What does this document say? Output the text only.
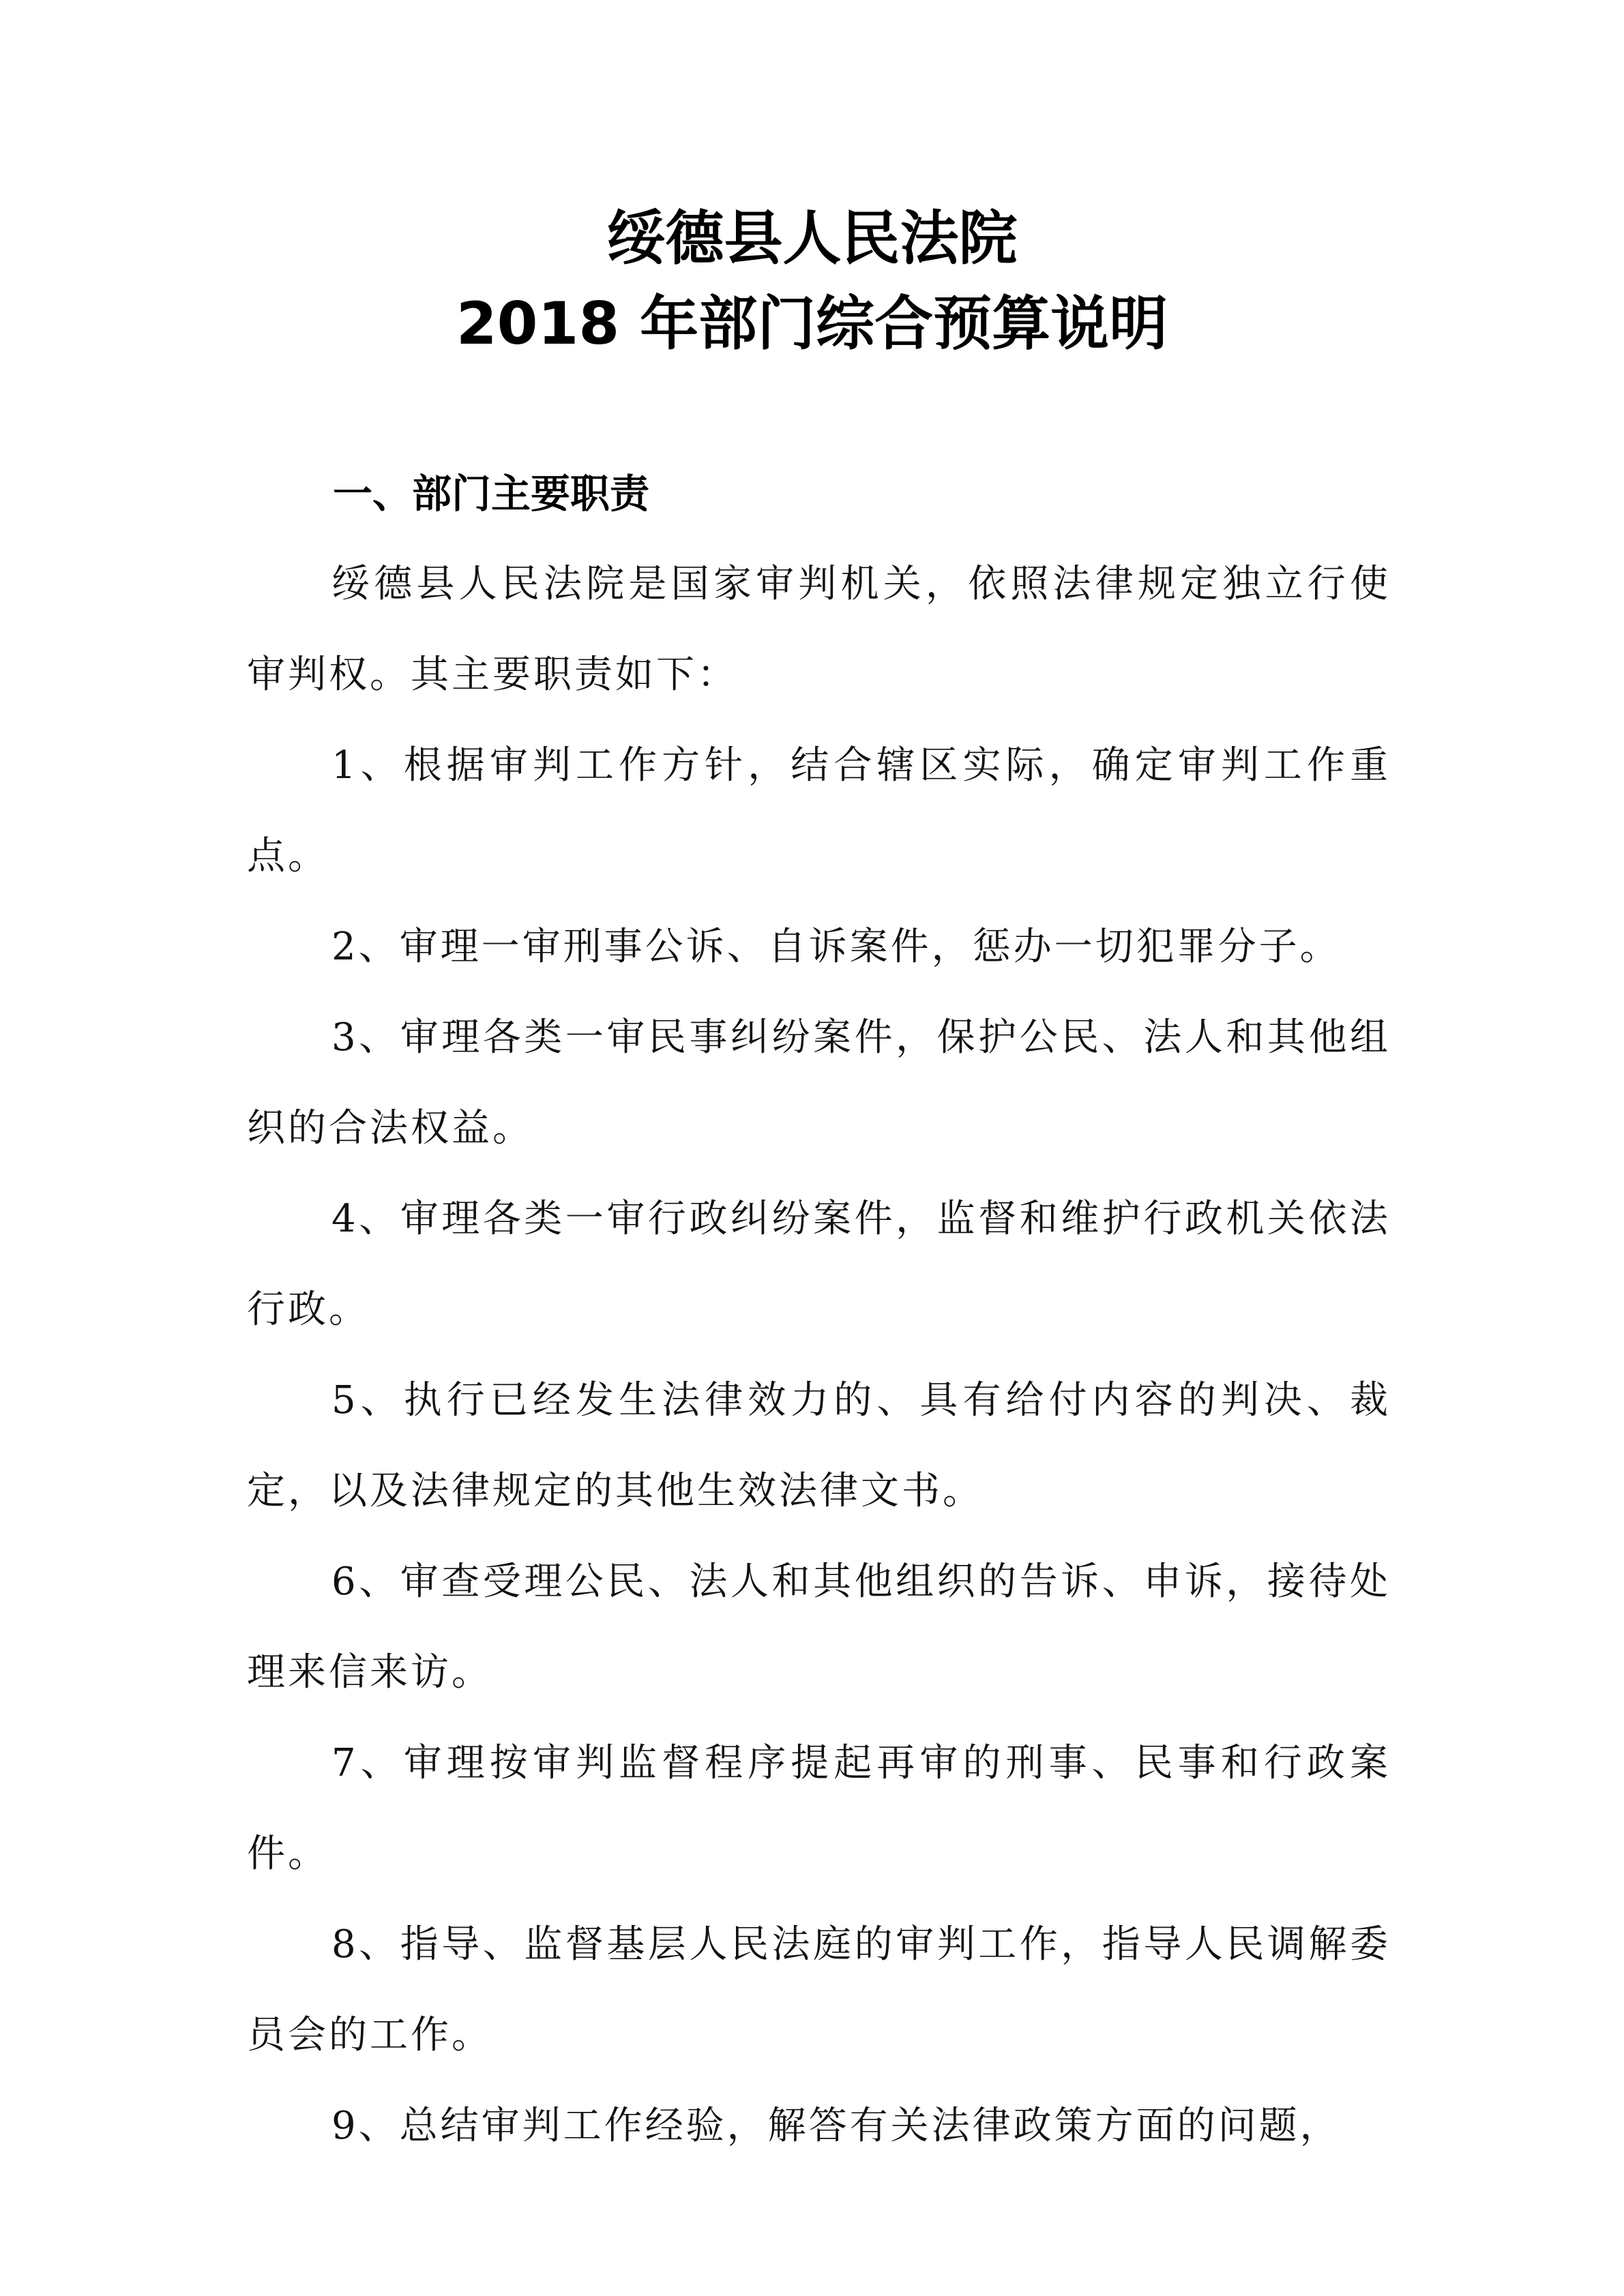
绥德县人民法院
2018 年部门综合预算说明
一、部门主要职责

绥德县人民法院是国家审判机关，依照法律规定独立行使审判权。其主要职责如下：

1、根据审判工作方针，结合辖区实际，确定审判工作重点。

2、审理一审刑事公诉、自诉案件，惩办一切犯罪分子。

3、审理各类一审民事纠纷案件，保护公民、法人和其他组织的合法权益。

4、审理各类一审行政纠纷案件，监督和维护行政机关依法行政。

5、执行已经发生法律效力的、具有给付内容的判决、裁定，以及法律规定的其他生效法律文书。

6、审查受理公民、法人和其他组织的告诉、申诉，接待处理来信来访。

7、审理按审判监督程序提起再审的刑事、民事和行政案件。

8、指导、监督基层人民法庭的审判工作，指导人民调解委员会的工作。

9、总结审判工作经验，解答有关法律政策方面的问题，
